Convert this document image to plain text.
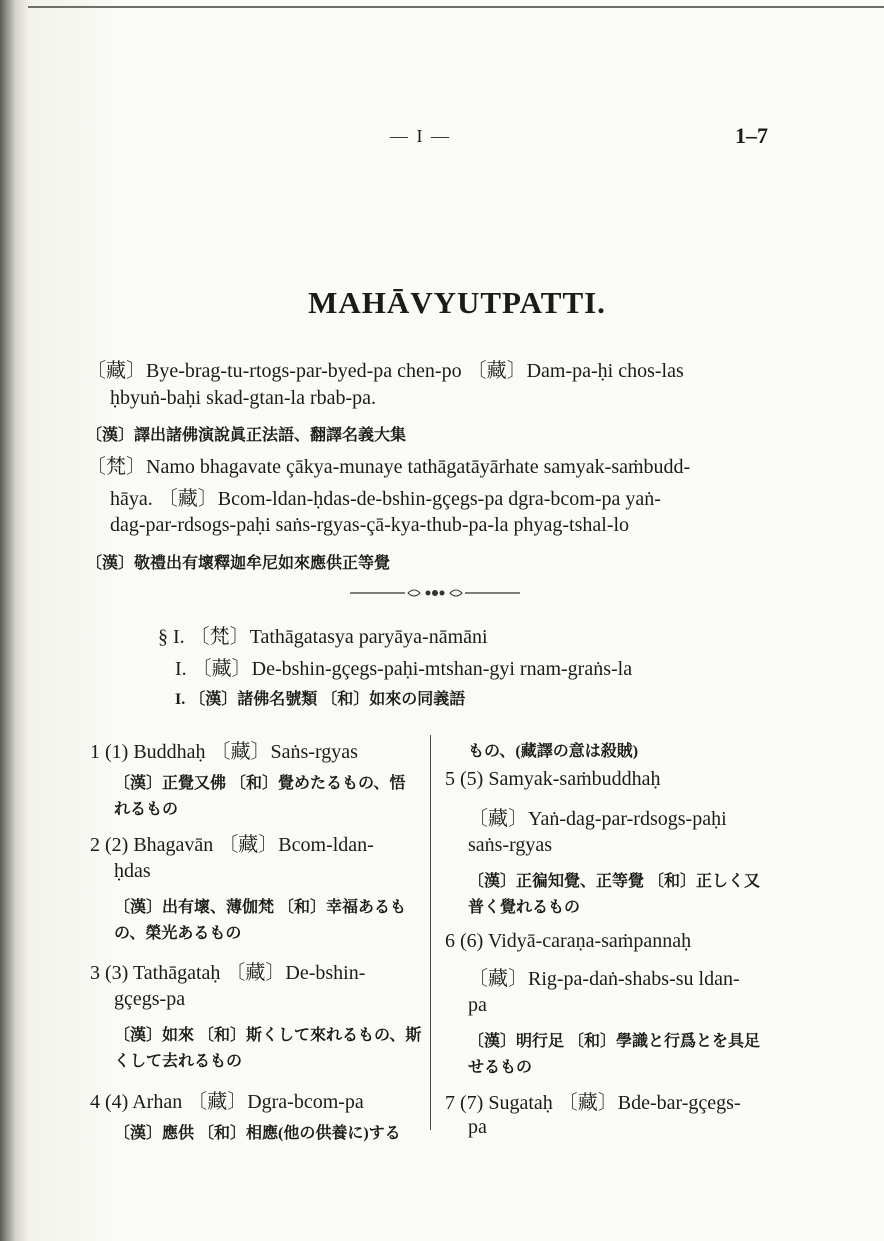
— I —	1–7
MAHĀVYUTPATTI.
〔藏〕Bye-brag-tu-rtogs-par-byed-pa chen-po 〔藏〕Dam-pa-ḥi chos-las
ḥbyuṅ-baḥi skad-gtan-la rbab-pa.
〔漢〕譯出諸佛演說眞正法語、翻譯名義大集
〔梵〕Namo bhagavate çākya-munaye tathāgatāyārhate samyak-saṁbudd-
hāya. 〔藏〕Bcom-ldan-ḥdas-de-bshin-gçegs-pa dgra-bcom-pa yaṅ-
dag-par-rdsogs-paḥi saṅs-rgyas-çā-kya-thub-pa-la phyag-tshal-lo
〔漢〕敬禮出有壞釋迦牟尼如來應供正等覺
§ I. 〔梵〕Tathāgatasya paryāya-nāmāni
I. 〔藏〕De-bshin-gçegs-paḥi-mtshan-gyi rnam-graṅs-la
I. 〔漢〕諸佛名號類 〔和〕如來の同義語
1 (1) Buddhaḥ 〔藏〕Saṅs-rgyas
〔漢〕正覺又佛 〔和〕覺めたるもの、悟
れるもの
2 (2) Bhagavān 〔藏〕Bcom-ldan-
ḥdas
〔漢〕出有壞、薄伽梵 〔和〕幸福あるも
の、榮光あるもの
3 (3) Tathāgataḥ 〔藏〕De-bshin-
gçegs-pa
〔漢〕如來 〔和〕斯くして來れるもの、斯
くして去れるもの
4 (4) Arhan 〔藏〕Dgra-bcom-pa
〔漢〕應供 〔和〕相應(他の供養に)する
もの、(藏譯の意は殺賊)
5 (5) Samyak-saṁbuddhaḥ
〔藏〕Yaṅ-dag-par-rdsogs-paḥi
saṅs-rgyas
〔漢〕正徧知覺、正等覺 〔和〕正しく又
普く覺れるもの
6 (6) Vidyā-caraṇa-saṁpannaḥ
〔藏〕Rig-pa-daṅ-shabs-su ldan-
pa
〔漢〕明行足 〔和〕學識と行爲とを具足
せるもの
7 (7) Sugataḥ 〔藏〕Bde-bar-gçegs-
pa
